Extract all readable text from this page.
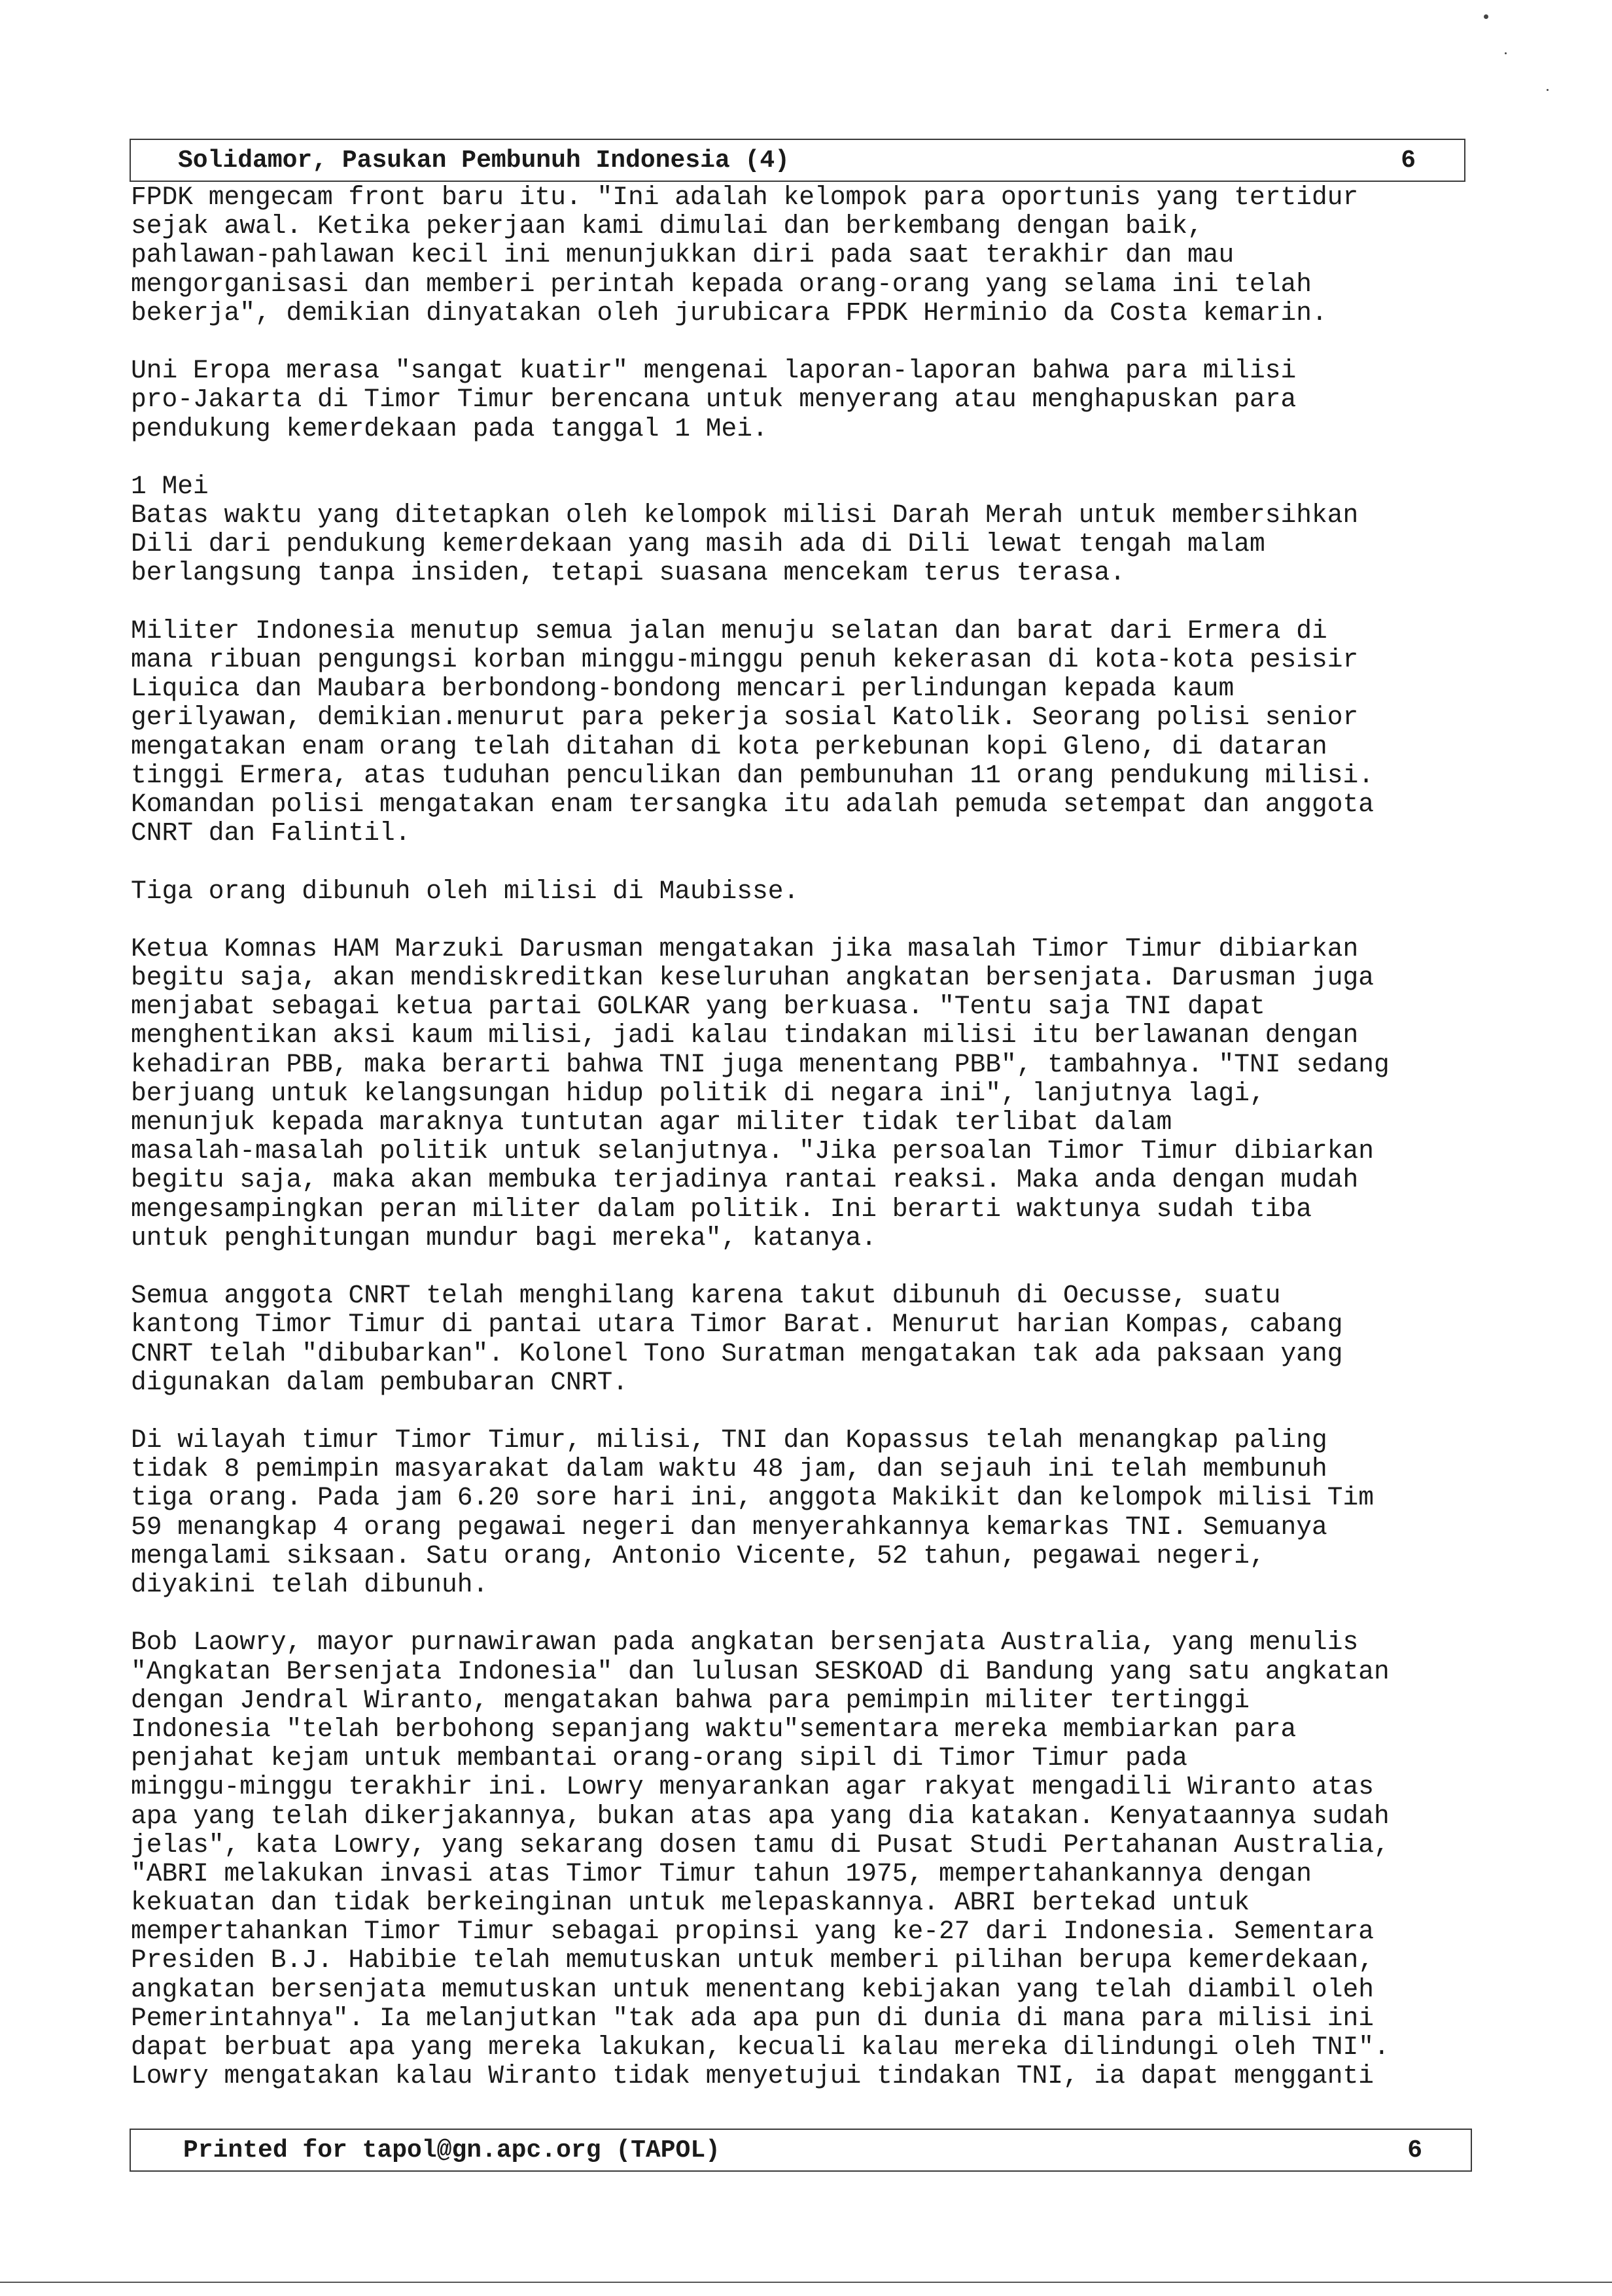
Solidamor, Pasukan Pembunuh Indonesia (4)	6
FPDK mengecam front baru itu. "Ini adalah kelompok para oportunis yang tertidur
sejak awal. Ketika pekerjaan kami dimulai dan berkembang dengan baik,
pahlawan-pahlawan kecil ini menunjukkan diri pada saat terakhir dan mau
mengorganisasi dan memberi perintah kepada orang-orang yang selama ini telah
bekerja", demikian dinyatakan oleh jurubicara FPDK Herminio da Costa kemarin.
Uni Eropa merasa "sangat kuatir" mengenai laporan-laporan bahwa para milisi
pro-Jakarta di Timor Timur berencana untuk menyerang atau menghapuskan para
pendukung kemerdekaan pada tanggal 1 Mei.
1 Mei
Batas waktu yang ditetapkan oleh kelompok milisi Darah Merah untuk membersihkan
Dili dari pendukung kemerdekaan yang masih ada di Dili lewat tengah malam
berlangsung tanpa insiden, tetapi suasana mencekam terus terasa.
Militer Indonesia menutup semua jalan menuju selatan dan barat dari Ermera di
mana ribuan pengungsi korban minggu-minggu penuh kekerasan di kota-kota pesisir
Liquica dan Maubara berbondong-bondong mencari perlindungan kepada kaum
gerilyawan, demikian.menurut para pekerja sosial Katolik. Seorang polisi senior
mengatakan enam orang telah ditahan di kota perkebunan kopi Gleno, di dataran
tinggi Ermera, atas tuduhan penculikan dan pembunuhan 11 orang pendukung milisi.
Komandan polisi mengatakan enam tersangka itu adalah pemuda setempat dan anggota
CNRT dan Falintil.
Tiga orang dibunuh oleh milisi di Maubisse.
Ketua Komnas HAM Marzuki Darusman mengatakan jika masalah Timor Timur dibiarkan
begitu saja, akan mendiskreditkan keseluruhan angkatan bersenjata. Darusman juga
menjabat sebagai ketua partai GOLKAR yang berkuasa. "Tentu saja TNI dapat
menghentikan aksi kaum milisi, jadi kalau tindakan milisi itu berlawanan dengan
kehadiran PBB, maka berarti bahwa TNI juga menentang PBB", tambahnya. "TNI sedang
berjuang untuk kelangsungan hidup politik di negara ini", lanjutnya lagi,
menunjuk kepada maraknya tuntutan agar militer tidak terlibat dalam
masalah-masalah politik untuk selanjutnya. "Jika persoalan Timor Timur dibiarkan
begitu saja, maka akan membuka terjadinya rantai reaksi. Maka anda dengan mudah
mengesampingkan peran militer dalam politik. Ini berarti waktunya sudah tiba
untuk penghitungan mundur bagi mereka", katanya.
Semua anggota CNRT telah menghilang karena takut dibunuh di Oecusse, suatu
kantong Timor Timur di pantai utara Timor Barat. Menurut harian Kompas, cabang
CNRT telah "dibubarkan". Kolonel Tono Suratman mengatakan tak ada paksaan yang
digunakan dalam pembubaran CNRT.
Di wilayah timur Timor Timur, milisi, TNI dan Kopassus telah menangkap paling
tidak 8 pemimpin masyarakat dalam waktu 48 jam, dan sejauh ini telah membunuh
tiga orang. Pada jam 6.20 sore hari ini, anggota Makikit dan kelompok milisi Tim
59 menangkap 4 orang pegawai negeri dan menyerahkannya kemarkas TNI. Semuanya
mengalami siksaan. Satu orang, Antonio Vicente, 52 tahun, pegawai negeri,
diyakini telah dibunuh.
Bob Laowry, mayor purnawirawan pada angkatan bersenjata Australia, yang menulis
"Angkatan Bersenjata Indonesia" dan lulusan SESKOAD di Bandung yang satu angkatan
dengan Jendral Wiranto, mengatakan bahwa para pemimpin militer tertinggi
Indonesia "telah berbohong sepanjang waktu"sementara mereka membiarkan para
penjahat kejam untuk membantai orang-orang sipil di Timor Timur pada
minggu-minggu terakhir ini. Lowry menyarankan agar rakyat mengadili Wiranto atas
apa yang telah dikerjakannya, bukan atas apa yang dia katakan. Kenyataannya sudah
jelas", kata Lowry, yang sekarang dosen tamu di Pusat Studi Pertahanan Australia,
"ABRI melakukan invasi atas Timor Timur tahun 1975, mempertahankannya dengan
kekuatan dan tidak berkeinginan untuk melepaskannya. ABRI bertekad untuk
mempertahankan Timor Timur sebagai propinsi yang ke-27 dari Indonesia. Sementara
Presiden B.J. Habibie telah memutuskan untuk memberi pilihan berupa kemerdekaan,
angkatan bersenjata memutuskan untuk menentang kebijakan yang telah diambil oleh
Pemerintahnya". Ia melanjutkan "tak ada apa pun di dunia di mana para milisi ini
dapat berbuat apa yang mereka lakukan, kecuali kalau mereka dilindungi oleh TNI".
Lowry mengatakan kalau Wiranto tidak menyetujui tindakan TNI, ia dapat mengganti
Printed for tapol@gn.apc.org (TAPOL)	6
